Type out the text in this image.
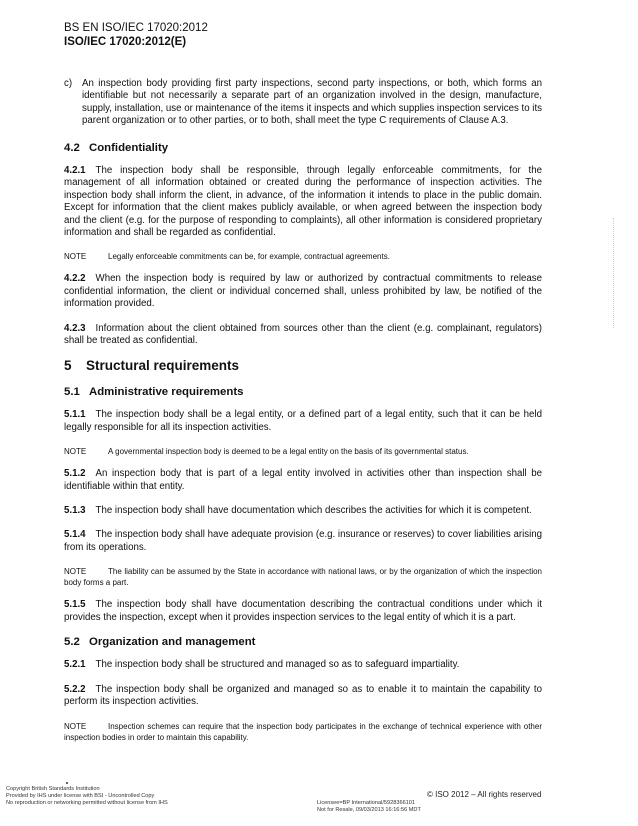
BS EN ISO/IEC 17020:2012
ISO/IEC 17020:2012(E)
c)	An inspection body providing first party inspections, second party inspections, or both, which forms an identifiable but not necessarily a separate part of an organization involved in the design, manufacture, supply, installation, use or maintenance of the items it inspects and which supplies inspection services to its parent organization or to other parties, or to both, shall meet the type C requirements of Clause A.3.
4.2 Confidentiality

4.2.1 The inspection body shall be responsible, through legally enforceable commitments, for the management of all information obtained or created during the performance of inspection activities. The inspection body shall inform the client, in advance, of the information it intends to place in the public domain. Except for information that the client makes publicly available, or when agreed between the inspection body and the client (e.g. for the purpose of responding to complaints), all other information is considered proprietary information and shall be regarded as confidential.

NOTE	Legally enforceable commitments can be, for example, contractual agreements.

4.2.2 When the inspection body is required by law or authorized by contractual commitments to release confidential information, the client or individual concerned shall, unless prohibited by law, be notified of the information provided.

4.2.3 Information about the client obtained from sources other than the client (e.g. complainant, regulators) shall be treated as confidential.

5 Structural requirements
5.1 Administrative requirements

5.1.1 The inspection body shall be a legal entity, or a defined part of a legal entity, such that it can be held legally responsible for all its inspection activities.

NOTE	A governmental inspection body is deemed to be a legal entity on the basis of its governmental status.

5.1.2 An inspection body that is part of a legal entity involved in activities other than inspection shall be identifiable within that entity.

5.1.3 The inspection body shall have documentation which describes the activities for which it is competent.

5.1.4 The inspection body shall have adequate provision (e.g. insurance or reserves) to cover liabilities arising from its operations.

NOTE	The liability can be assumed by the State in accordance with national laws, or by the organization of which the inspection body forms a part.

5.1.5 The inspection body shall have documentation describing the contractual conditions under which it provides the inspection, except when it provides inspection services to the legal entity of which it is a part.

5.2 Organization and management

5.2.1 The inspection body shall be structured and managed so as to safeguard impartiality.

5.2.2 The inspection body shall be organized and managed so as to enable it to maintain the capability to perform its inspection activities.

NOTE	Inspection schemes can require that the inspection body participates in the exchange of technical experience with other inspection bodies in order to maintain this capability.

Copyright British Standards Institution
Provided by IHS under license with BSI - Uncontrolled Copy
No reproduction or networking permitted without license from IHS	Licensee=BP International/5928366101
Not for Resale, 09/03/2013 16:16:56 MDT
© ISO 2012 – All rights reserved
